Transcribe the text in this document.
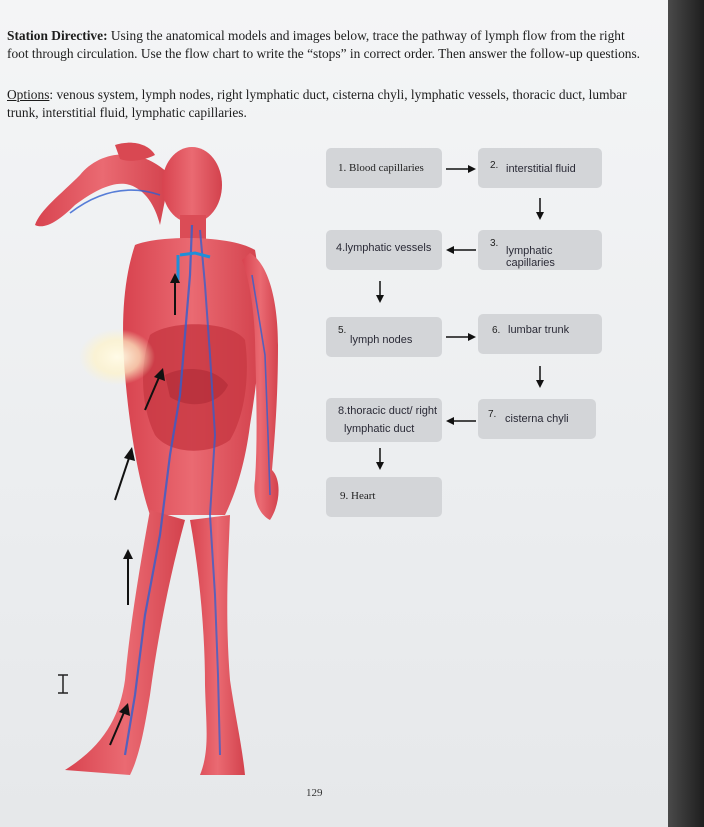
Station Directive: Using the anatomical models and images below, trace the pathway of lymph flow from the right foot through circulation. Use the flow chart to write the “stops” in correct order. Then answer the follow-up questions.
Options: venous system, lymph nodes, right lymphatic duct, cisterna chyli, lymphatic vessels, thoracic duct, lumbar trunk, interstitial fluid, lymphatic capillaries.
1. Blood capillaries	2. interstitial fluid
3.
lymphatic capillaries
4.lymphatic vessels
5.
lymph nodes
6. lumbar trunk
7. cisterna chyli
8.thoracic duct/ right
lymphatic duct
9. Heart
129
